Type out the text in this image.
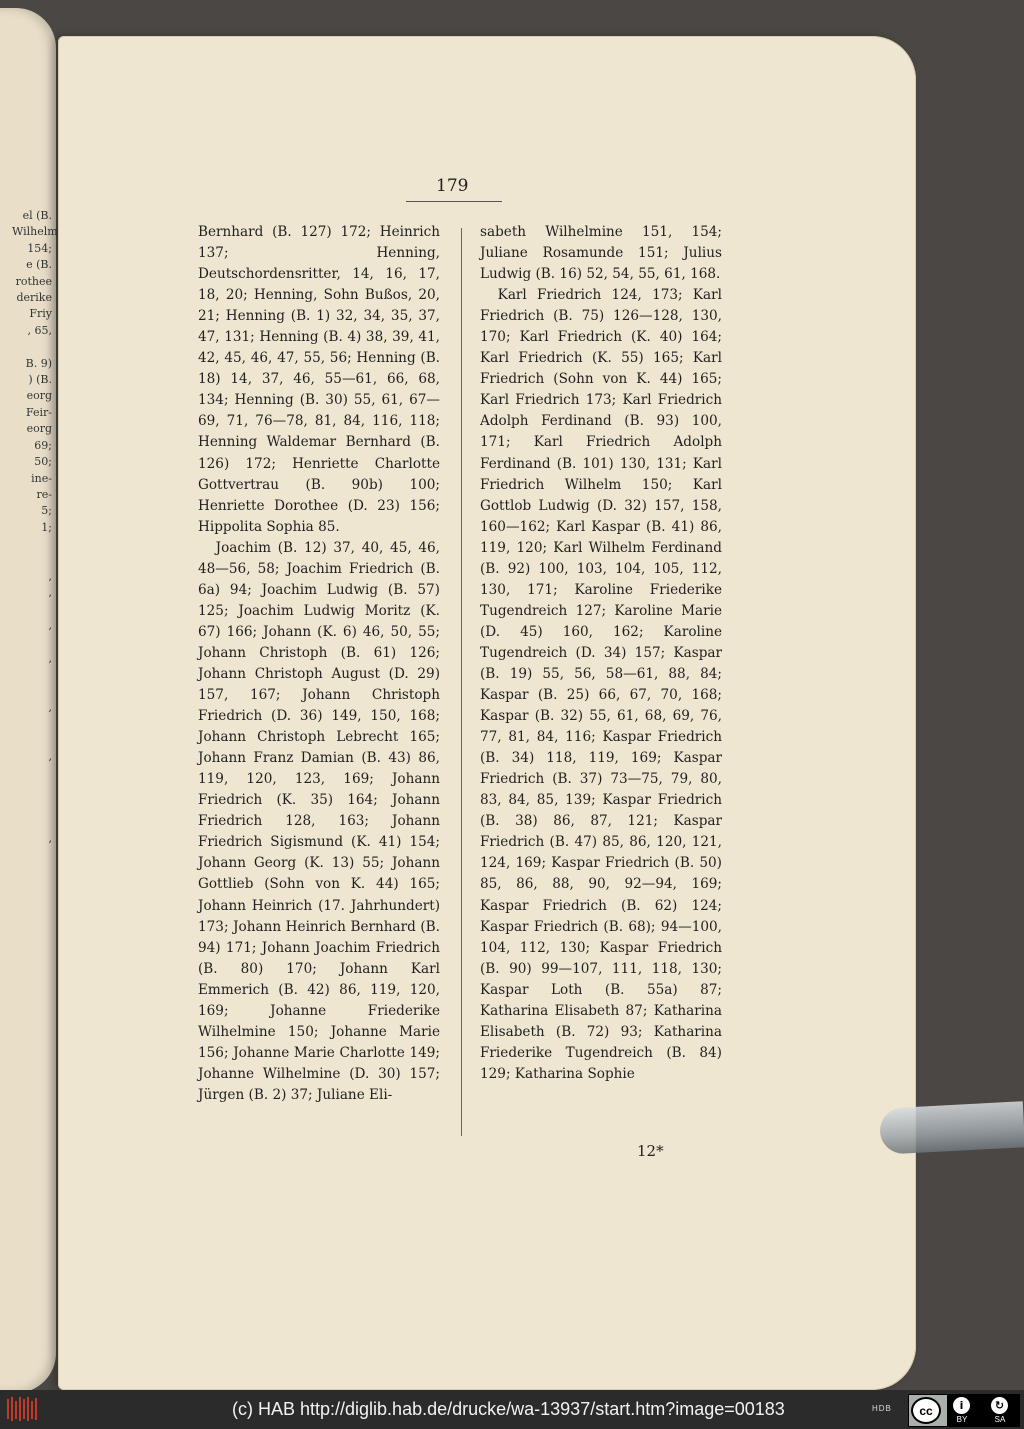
el (B.
Wilhelm
154;
e (B.
rothee
derike
Friy
, 65,

B. 9)
) (B.
eorg
Feir-
eorg
69;
50;
ine-
re-
5;
1;

,
,

,

,

,

,

,
179

Bernhard (B. 127) 172; Heinrich 137; Henning, Deutschordensritter, 14, 16, 17, 18, 20; Henning, Sohn Bußos, 20, 21; Henning (B. 1) 32, 34, 35, 37, 47, 131; Henning (B. 4) 38, 39, 41, 42, 45, 46, 47, 55, 56; Henning (B. 18) 14, 37, 46, 55—61, 66, 68, 134; Henning (B. 30) 55, 61, 67—69, 71, 76—78, 81, 84, 116, 118; Henning Waldemar Bernhard (B. 126) 172; Henriette Charlotte Gottvertrau (B. 90b) 100; Henriette Dorothee (D. 23) 156; Hippolita Sophia 85.

Joachim (B. 12) 37, 40, 45, 46, 48—56, 58; Joachim Friedrich (B. 6a) 94; Joachim Ludwig (B. 57) 125; Joachim Ludwig Moritz (K. 67) 166; Johann (K. 6) 46, 50, 55; Johann Christoph (B. 61) 126; Johann Christoph August (D. 29) 157, 167; Johann Christoph Friedrich (D. 36) 149, 150, 168; Johann Christoph Lebrecht 165; Johann Franz Damian (B. 43) 86, 119, 120, 123, 169; Johann Friedrich (K. 35) 164; Johann Friedrich 128, 163; Johann Friedrich Sigismund (K. 41) 154; Johann Georg (K. 13) 55; Johann Gottlieb (Sohn von K. 44) 165; Johann Heinrich (17. Jahrhundert) 173; Johann Heinrich Bernhard (B. 94) 171; Johann Joachim Friedrich (B. 80) 170; Johann Karl Emmerich (B. 42) 86, 119, 120, 169; Johanne Friederike Wilhelmine 150; Johanne Marie 156; Johanne Marie Charlotte 149; Johanne Wilhelmine (D. 30) 157; Jürgen (B. 2) 37; Juliane Eli-

sabeth Wilhelmine 151, 154; Juliane Rosamunde 151; Julius Ludwig (B. 16) 52, 54, 55, 61, 168.

Karl Friedrich 124, 173; Karl Friedrich (B. 75) 126—128, 130, 170; Karl Friedrich (K. 40) 164; Karl Friedrich (K. 55) 165; Karl Friedrich (Sohn von K. 44) 165; Karl Friedrich 173; Karl Friedrich Adolph Ferdinand (B. 93) 100, 171; Karl Friedrich Adolph Ferdinand (B. 101) 130, 131; Karl Friedrich Wilhelm 150; Karl Gottlob Ludwig (D. 32) 157, 158, 160—162; Karl Kaspar (B. 41) 86, 119, 120; Karl Wilhelm Ferdinand (B. 92) 100, 103, 104, 105, 112, 130, 171; Karoline Friederike Tugendreich 127; Karoline Marie (D. 45) 160, 162; Karoline Tugendreich (D. 34) 157; Kaspar (B. 19) 55, 56, 58—61, 88, 84; Kaspar (B. 25) 66, 67, 70, 168; Kaspar (B. 32) 55, 61, 68, 69, 76, 77, 81, 84, 116; Kaspar Friedrich (B. 34) 118, 119, 169; Kaspar Friedrich (B. 37) 73—75, 79, 80, 83, 84, 85, 139; Kaspar Friedrich (B. 38) 86, 87, 121; Kaspar Friedrich (B. 47) 85, 86, 120, 121, 124, 169; Kaspar Friedrich (B. 50) 85, 86, 88, 90, 92—94, 169; Kaspar Friedrich (B. 62) 124; Kaspar Friedrich (B. 68); 94—100, 104, 112, 130; Kaspar Friedrich (B. 90) 99—107, 111, 118, 130; Kaspar Loth (B. 55a) 87; Katharina Elisabeth 87; Katharina Elisabeth (B. 72) 93; Katharina Friederike Tugendreich (B. 84) 129; Katharina Sophie

12*
(c) HAB http://diglib.hab.de/drucke/wa-13937/start.htm?image=00183	HDB	cc	i	↻
BY	SA
